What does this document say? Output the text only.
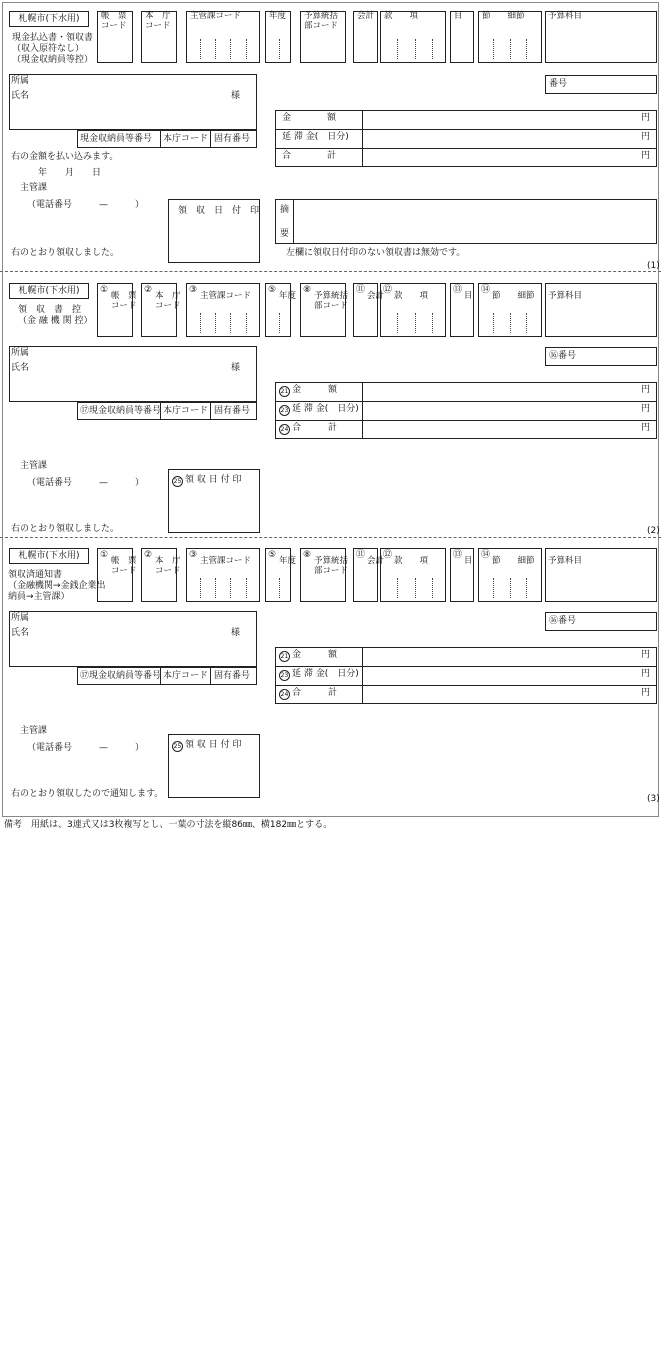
札幌市(下水用)
現金払込書・領収書
（収入原符なし）
（現金収納員等控）
帳　票
コード
本　庁
コード
主管課コード	年度 予算統括
部コード
会計 款　　項	目 節　　細節	予算科目
所属
氏名	様
現金収納員等番号 本庁コード 固有番号
番号
金　　　　額	円
延 滞 金(　日分)	円
合　　　　計	円
右の金額を払い込みます。
年　　月　　日
主管課
（電話番号　　　—　　　）
領　収　日　付　印
右のとおり領収しました。
摘
要
左欄に領収日付印のない領収書は無効です。
(1)
札幌市(下水用)
領　収　書　控
（金 融 機 関 控）
①
帳　票
コード
②
本　庁
コード
③
主管課コード
⑤
年度
⑧
予算統括
部コード
⑪
会計
⑫
款　　項
⑬
目
⑭
節　　細節 予算科目
所属
氏名	様
⑰現金収納員等番号 本庁コード 固有番号
⑯番号
21 金　　　額	円
23 延 滞 金(　日分)	円
24 合　　　計	円
主管課
（電話番号　　　—　　　）	25 領 収 日 付 印
右のとおり領収しました。	(2)
札幌市(下水用)
領収済通知書
（金融機関→金銭企業出
納員→主管課）
①
帳　票
コード
②
本　庁
コード
③
主管課コード
⑤
年度
⑧
予算統括
部コード
⑪
会計
⑫
款　　項
⑬
目
⑭
節　　細節 予算科目
所属
氏名	様
⑰現金収納員等番号 本庁コード 固有番号
⑯番号
21 金　　　額	円
23 延 滞 金(　日分)	円
24 合　　　計	円
主管課
（電話番号　　　—　　　）	25 領 収 日 付 印
右のとおり領収したので通知します。	(3)
備考　用紙は、3連式又は3枚複写とし、一葉の寸法を縦86㎜、横182㎜とする。
